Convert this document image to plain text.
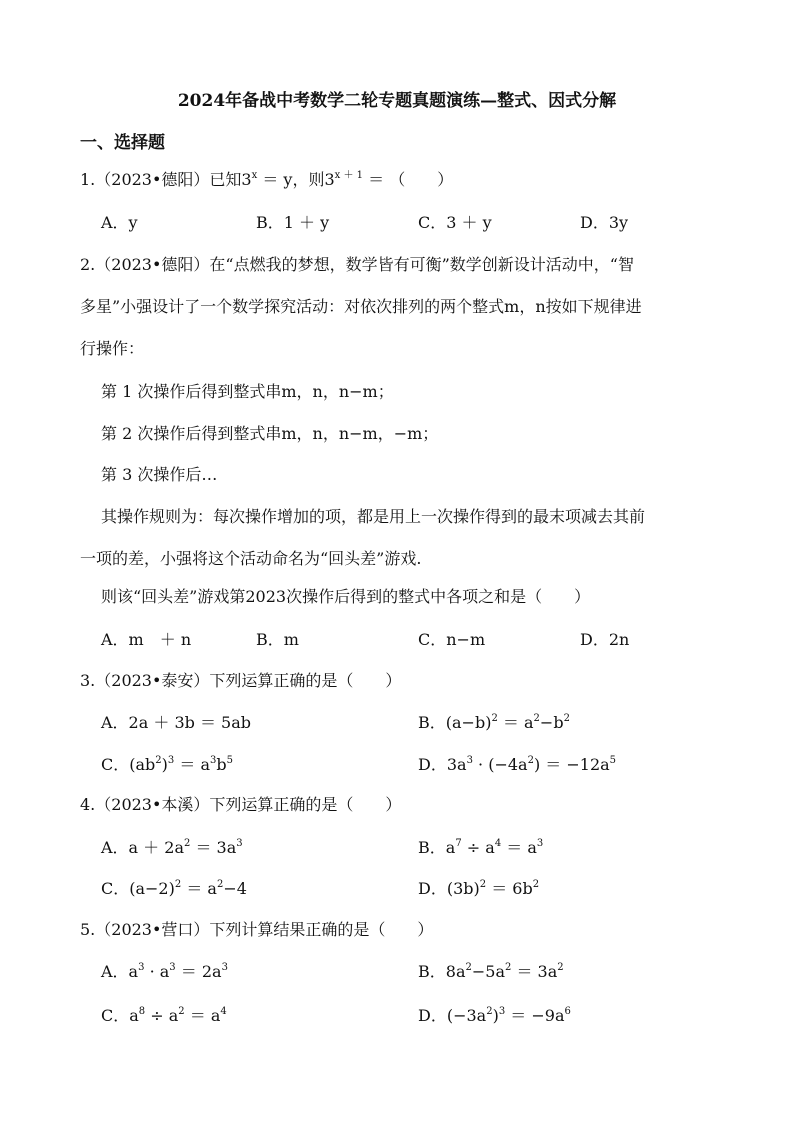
2024年备战中考数学二轮专题真题演练—整式、因式分解
一、选择题
1.（2023•德阳）已知$3^x = y$，则$3^{x + 1}$ ＝ （　　）
A．y	B．1 ＋ y	C．3 ＋ y	D．3y
2.（2023•德阳）在“点燃我的梦想，数学皆有可衡”数学创新设计活动中，“智
多星”小强设计了一个数学探究活动：对依次排列的两个整式m，n按如下规律进
行操作：
第 1 次操作后得到整式串m，n，n−m；
第 2 次操作后得到整式串m，n，n−m，−m；
第 3 次操作后…
其操作规则为：每次操作增加的项，都是用上一次操作得到的最末项减去其前
一项的差，小强将这个活动命名为“回头差”游戏.
则该“回头差”游戏第2023次操作后得到的整式中各项之和是（　　）
A．m　＋ n	B．m	C．n−m	D．2n
3.（2023•泰安）下列运算正确的是（　　）
A．2a ＋ 3b ＝ 5ab	B．$(a-b)^2 = a^2-b^2$
C．$(ab^2)^3 = a^3b^5$	D．$3a^3 \cdot (-4a^2) = -12a^5$
4.（2023•本溪）下列运算正确的是（　　）
A．$a + 2a^2 = 3a^3$	B．$a^7 \div a^4 = a^3$
C．$(a-2)^2 = a^2-4$	D．$(3b)^2 = 6b^2$
5.（2023•营口）下列计算结果正确的是（　　）
A．$a^3 \cdot a^3 = 2a^3$	B．$8a^2-5a^2 = 3a^2$
C．$a^8 \div a^2 = a^4$	D．$(-3a^2)^3 = -9a^6$
